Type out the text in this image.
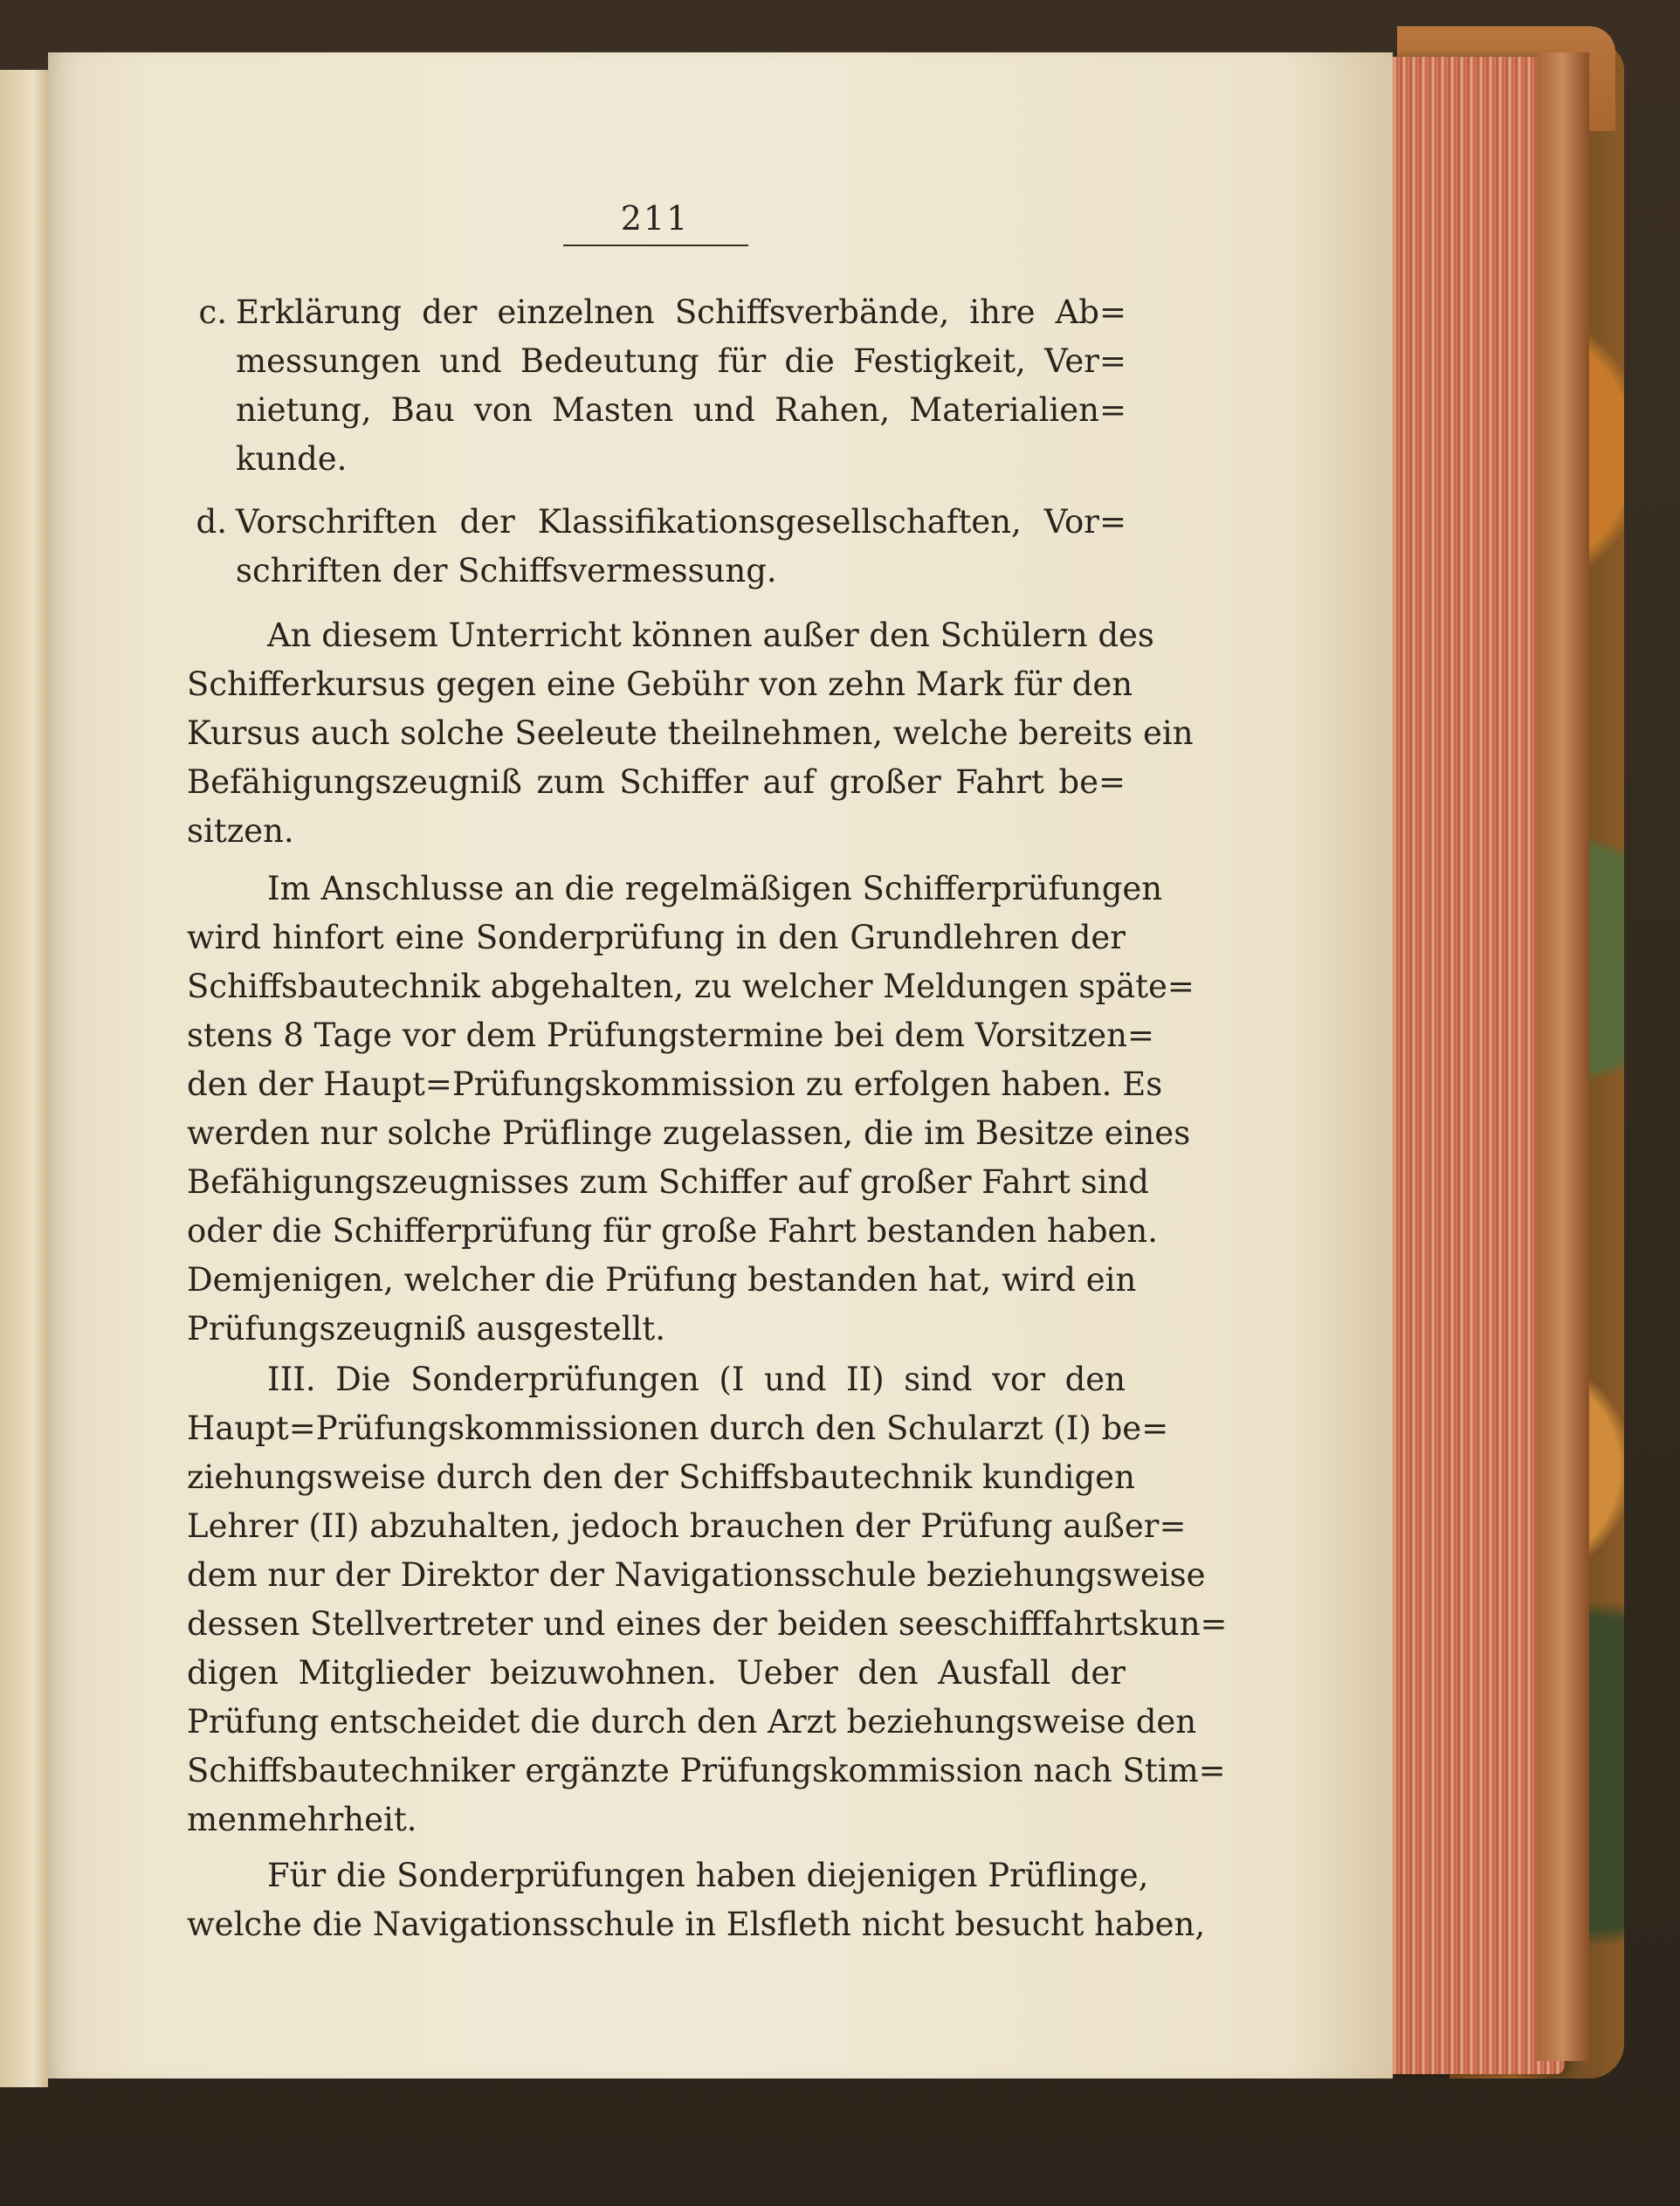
211
c. Erklärung der einzelnen Schiffsverbände, ihre Ab=
messungen und Bedeutung für die Festigkeit, Ver=
nietung, Bau von Masten und Rahen, Materialien=
kunde.
d. Vorschriften der Klassifikationsgesellschaften, Vor=
schriften der Schiffsvermessung.
An diesem Unterricht können außer den Schülern des
Schifferkursus gegen eine Gebühr von zehn Mark für den
Kursus auch solche Seeleute theilnehmen, welche bereits ein
Befähigungszeugniß zum Schiffer auf großer Fahrt be=
sitzen.
Im Anschlusse an die regelmäßigen Schifferprüfungen
wird hinfort eine Sonderprüfung in den Grundlehren der
Schiffsbautechnik abgehalten, zu welcher Meldungen späte=
stens 8 Tage vor dem Prüfungstermine bei dem Vorsitzen=
den der Haupt=Prüfungskommission zu erfolgen haben. Es
werden nur solche Prüflinge zugelassen, die im Besitze eines
Befähigungszeugnisses zum Schiffer auf großer Fahrt sind
oder die Schifferprüfung für große Fahrt bestanden haben.
Demjenigen, welcher die Prüfung bestanden hat, wird ein
Prüfungszeugniß ausgestellt.
III. Die Sonderprüfungen (I und II) sind vor den
Haupt=Prüfungskommissionen durch den Schularzt (I) be=
ziehungsweise durch den der Schiffsbautechnik kundigen
Lehrer (II) abzuhalten, jedoch brauchen der Prüfung außer=
dem nur der Direktor der Navigationsschule beziehungsweise
dessen Stellvertreter und eines der beiden seeschifffahrtskun=
digen Mitglieder beizuwohnen. Ueber den Ausfall der
Prüfung entscheidet die durch den Arzt beziehungsweise den
Schiffsbautechniker ergänzte Prüfungskommission nach Stim=
menmehrheit.
Für die Sonderprüfungen haben diejenigen Prüflinge,
welche die Navigationsschule in Elsfleth nicht besucht haben,
